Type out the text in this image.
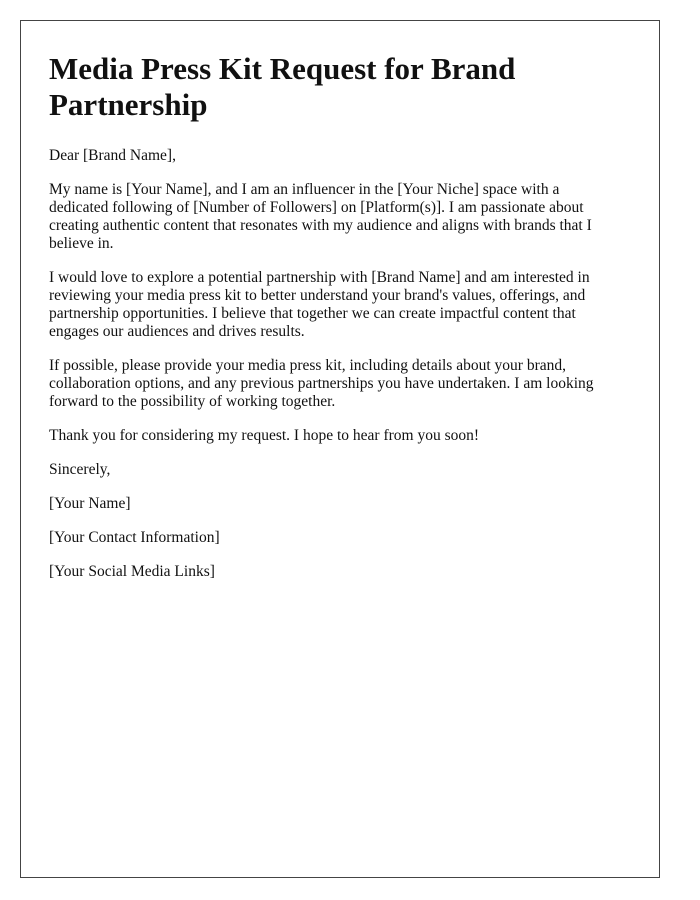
Media Press Kit Request for Brand Partnership

Dear [Brand Name],

My name is [Your Name], and I am an influencer in the [Your Niche] space with a dedicated following of [Number of Followers] on [Platform(s)]. I am passionate about creating authentic content that resonates with my audience and aligns with brands that I believe in.

I would love to explore a potential partnership with [Brand Name] and am interested in reviewing your media press kit to better understand your brand's values, offerings, and partnership opportunities. I believe that together we can create impactful content that engages our audiences and drives results.

If possible, please provide your media press kit, including details about your brand, collaboration options, and any previous partnerships you have undertaken. I am looking forward to the possibility of working together.

Thank you for considering my request. I hope to hear from you soon!

Sincerely,

[Your Name]

[Your Contact Information]

[Your Social Media Links]
